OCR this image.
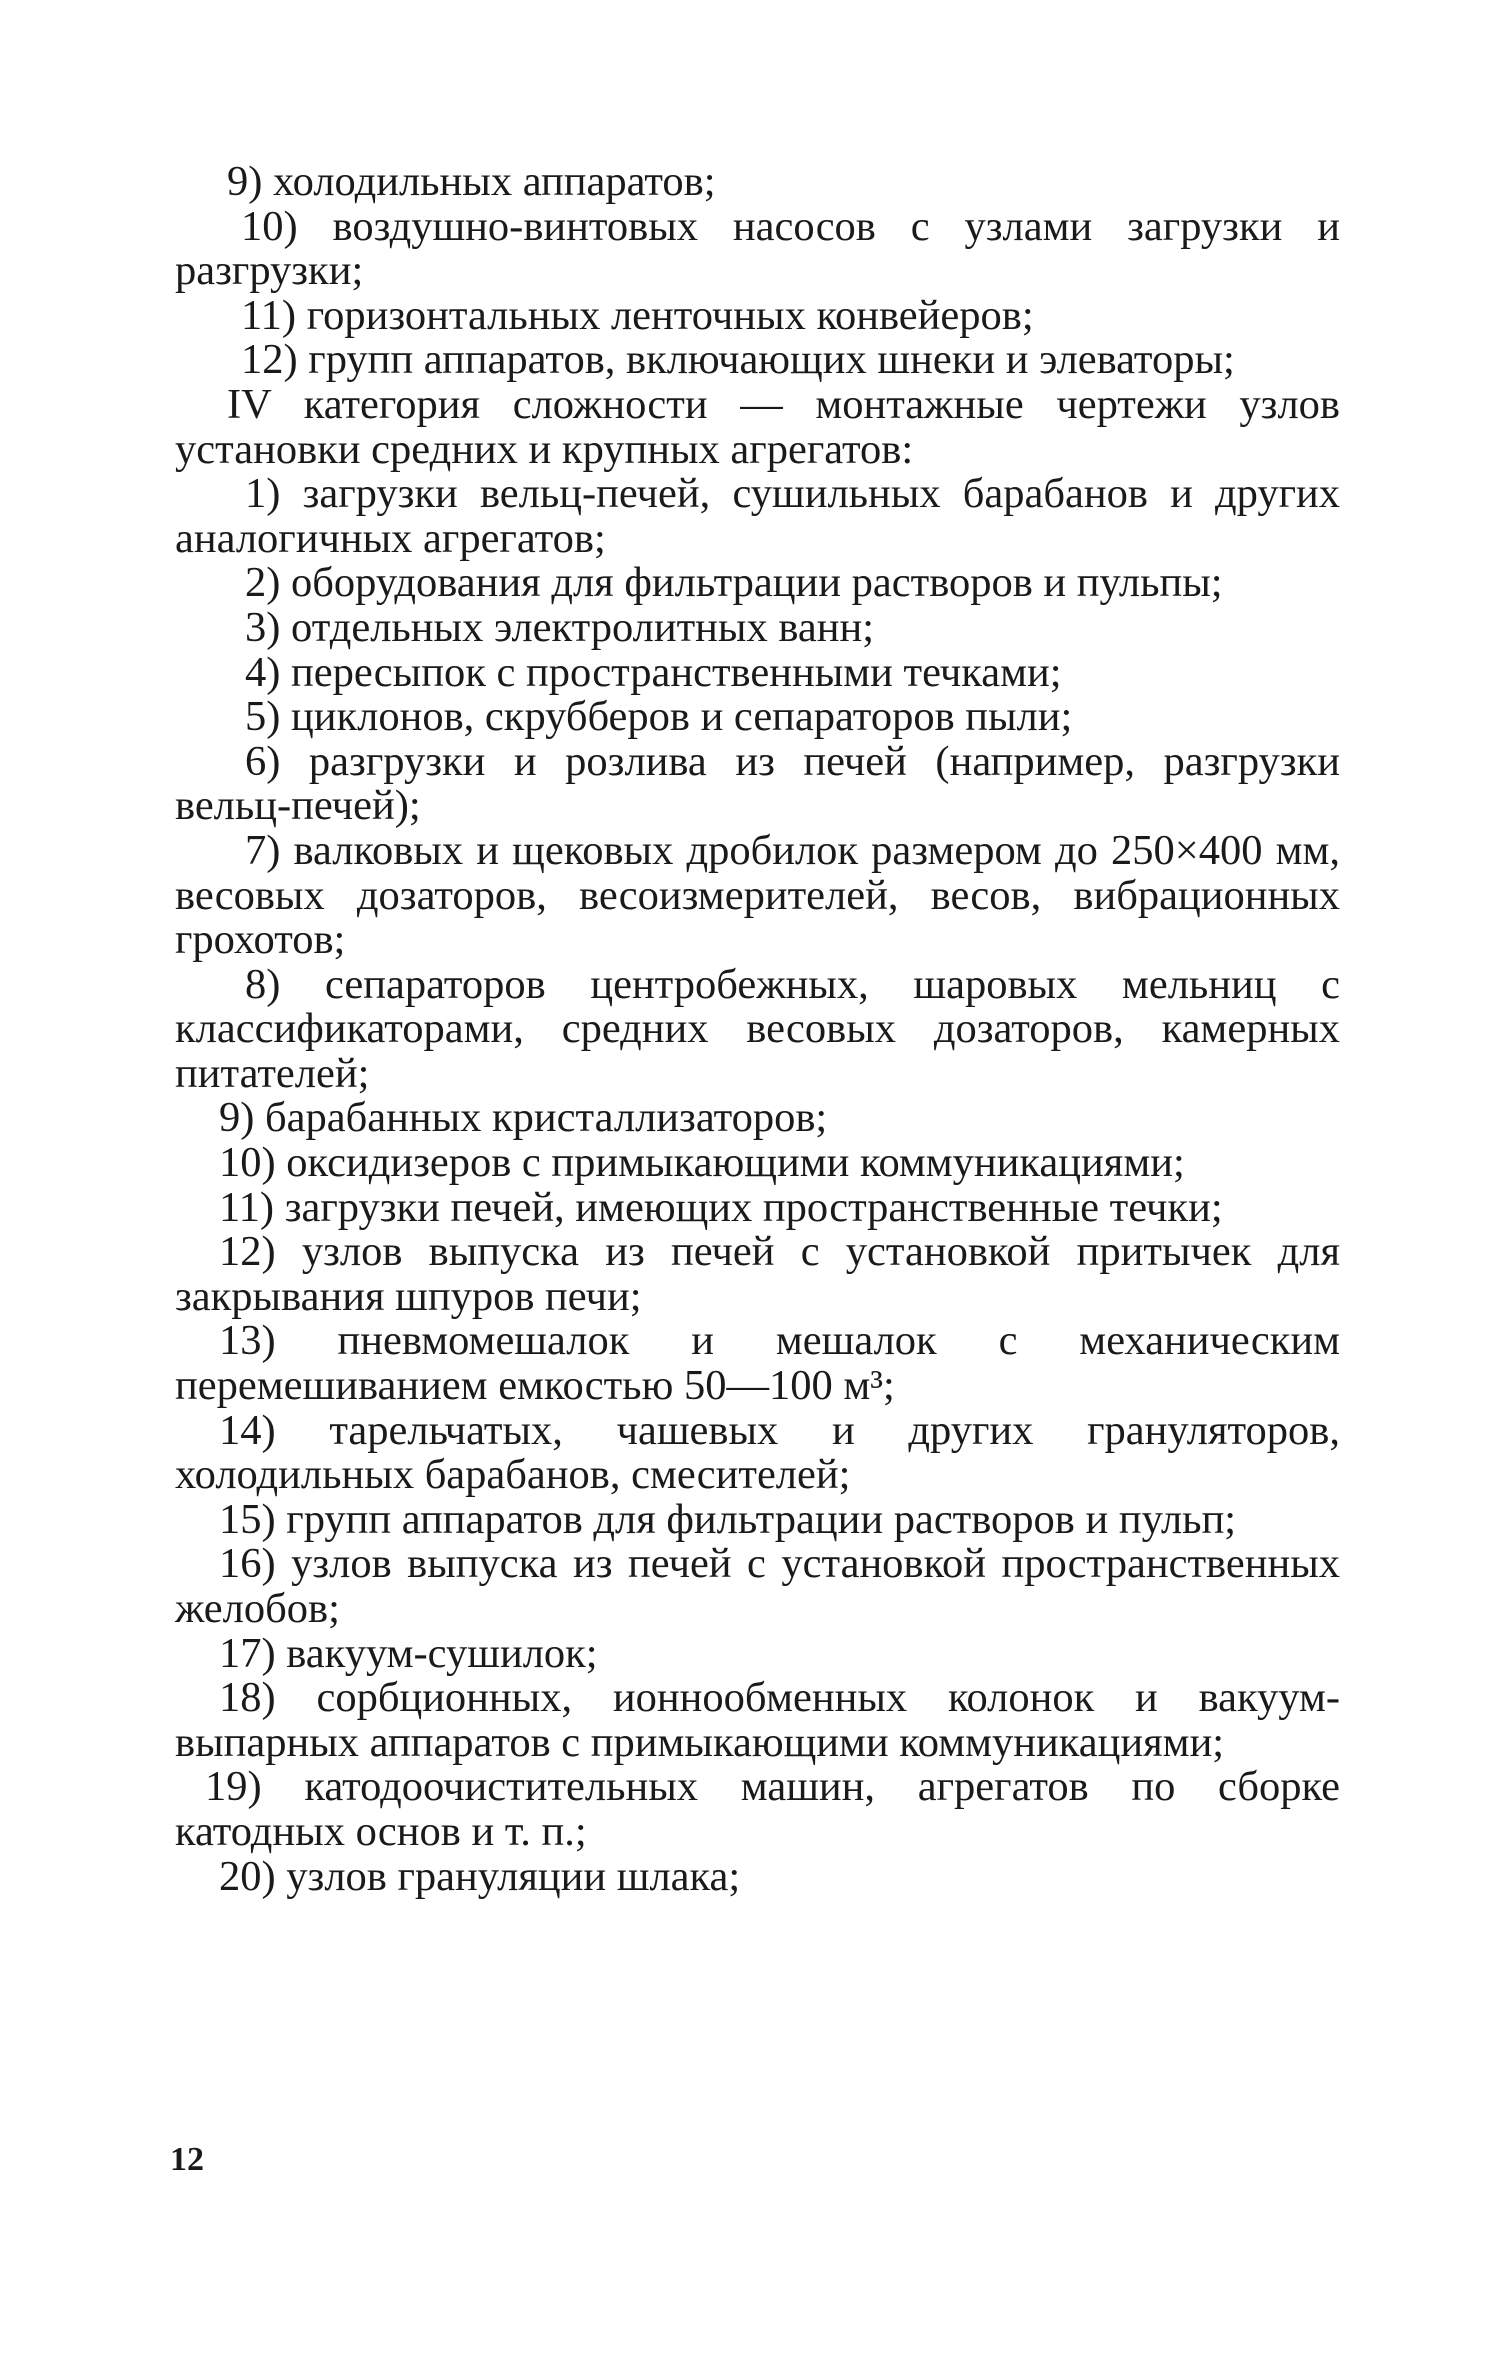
9) холодильных аппаратов;

10) воздушно-винтовых насосов с узлами загрузки и разгрузки;

11) горизонтальных ленточных конвейеров;

12) групп аппаратов, включающих шнеки и элеваторы;

IV категория сложности — монтажные чертежи узлов установки средних и крупных агрегатов:

1) загрузки вельц-печей, сушильных барабанов и других аналогичных агрегатов;

2) оборудования для фильтрации растворов и пульпы;

3) отдельных электролитных ванн;

4) пересыпок с пространственными течками;

5) циклонов, скрубберов и сепараторов пыли;

6) разгрузки и розлива из печей (например, разгрузки вельц-печей);

7) валковых и щековых дробилок размером до 250×400 мм, весовых дозаторов, весоизмерителей, весов, вибрационных грохотов;

8) сепараторов центробежных, шаровых мельниц с классификаторами, средних весовых дозаторов, камерных питателей;

9) барабанных кристаллизаторов;

10) оксидизеров с примыкающими коммуникациями;

11) загрузки печей, имеющих пространственные течки;

12) узлов выпуска из печей с установкой притычек для закрывания шпуров печи;

13) пневмомешалок и мешалок с механическим перемешиванием емкостью 50—100 м³;

14) тарельчатых, чашевых и других грануляторов, холодильных барабанов, смесителей;

15) групп аппаратов для фильтрации растворов и пульп;

16) узлов выпуска из печей с установкой пространственных желобов;

17) вакуум-сушилок;

18) сорбционных, ионнообменных колонок и вакуум-выпарных аппаратов с примыкающими коммуникациями;

19) катодоочистительных машин, агрегатов по сборке катодных основ и т. п.;

20) узлов грануляции шлака;

12
